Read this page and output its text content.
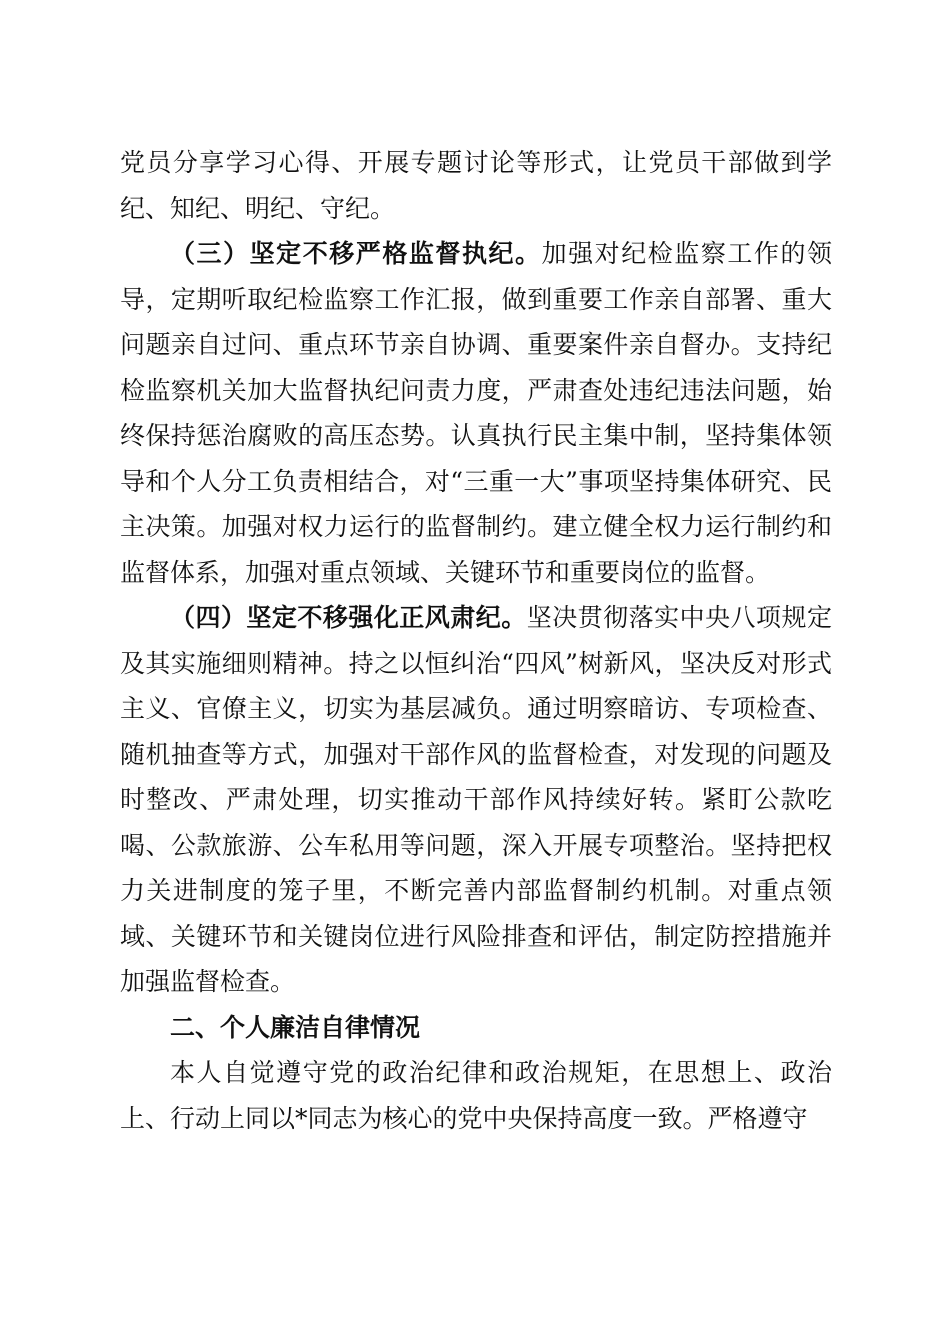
党员分享学习心得、开展专题讨论等形式，让党员干部做到学纪、知纪、明纪、守纪。

（三）坚定不移严格监督执纪。加强对纪检监察工作的领导，定期听取纪检监察工作汇报，做到重要工作亲自部署、重大问题亲自过问、重点环节亲自协调、重要案件亲自督办。支持纪检监察机关加大监督执纪问责力度，严肃查处违纪违法问题，始终保持惩治腐败的高压态势。认真执行民主集中制，坚持集体领导和个人分工负责相结合，对“三重一大”事项坚持集体研究、民主决策。加强对权力运行的监督制约。建立健全权力运行制约和监督体系，加强对重点领域、关键环节和重要岗位的监督。

（四）坚定不移强化正风肃纪。坚决贯彻落实中央八项规定及其实施细则精神。持之以恒纠治“四风”树新风，坚决反对形式主义、官僚主义，切实为基层减负。通过明察暗访、专项检查、随机抽查等方式，加强对干部作风的监督检查，对发现的问题及时整改、严肃处理，切实推动干部作风持续好转。紧盯公款吃喝、公款旅游、公车私用等问题，深入开展专项整治。坚持把权力关进制度的笼子里，不断完善内部监督制约机制。对重点领域、关键环节和关键岗位进行风险排查和评估，制定防控措施并加强监督检查。

二、个人廉洁自律情况

本人自觉遵守党的政治纪律和政治规矩，在思想上、政治上、行动上同以*同志为核心的党中央保持高度一致。严格遵守
